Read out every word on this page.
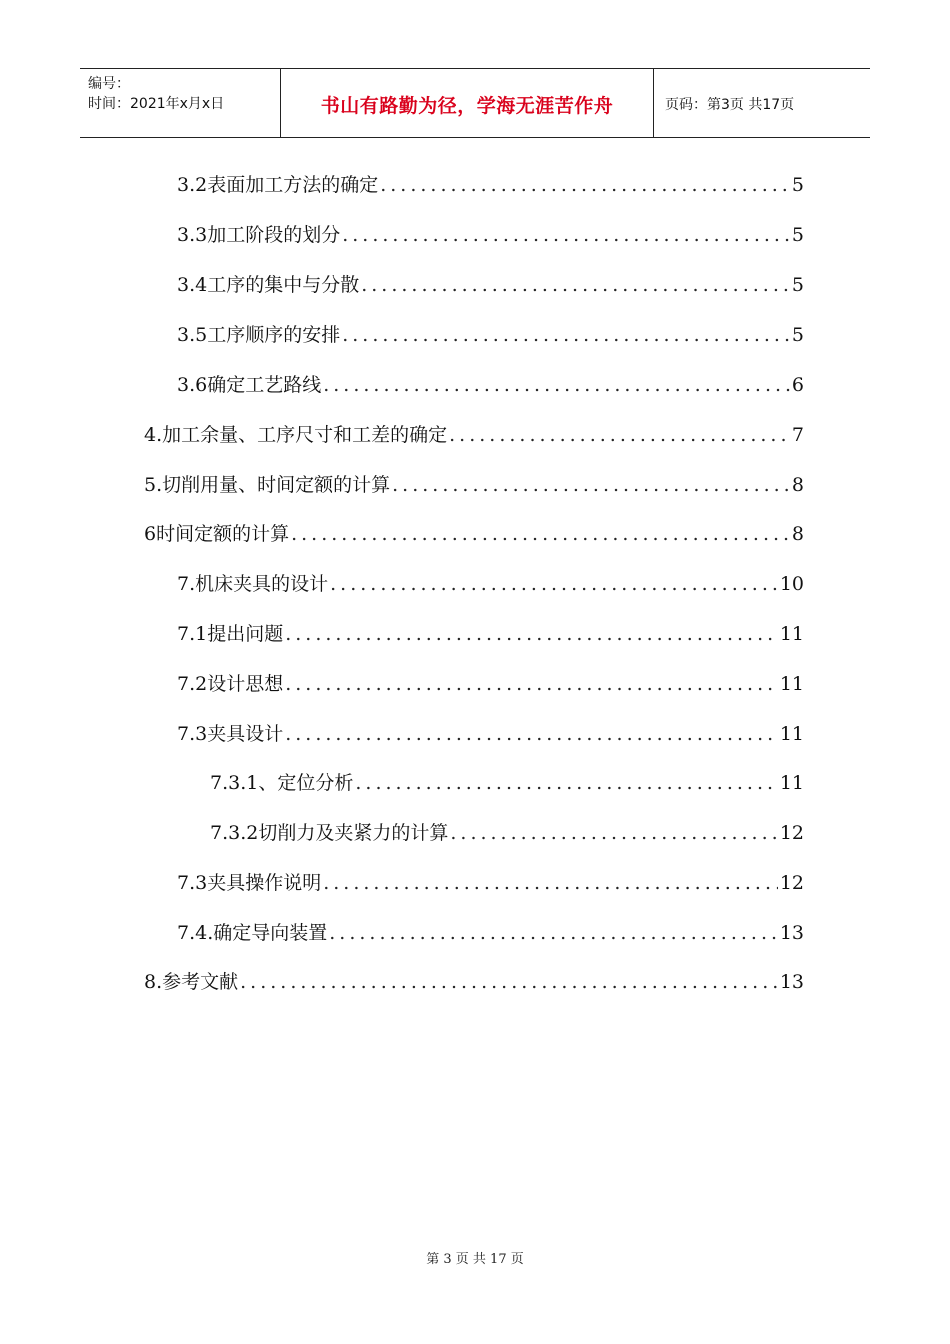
编号：
时间：2021年x月x日	书山有路勤为径，学海无涯苦作舟	页码：第3页 共17页
3.2表面加工方法的确定 .....	5
3.3加工阶段的划分 .....	5
3.4工序的集中与分散 .....	5
3.5工序顺序的安排 .....	5
3.6确定工艺路线 .....	6
4.加工余量、工序尺寸和工差的确定 .....	7
5.切削用量、时间定额的计算 .....	8
6时间定额的计算 .....	8
7.机床夹具的设计 .....	10
7.1提出问题 .....	11
7.2设计思想 .....	11
7.3夹具设计 .....	11
7.3.1、定位分析 .....	11
7.3.2切削力及夹紧力的计算 .....	12
7.3夹具操作说明 .....	12
7.4.确定导向装置 .....	13
8.参考文献 .....	13
第 3 页 共 17 页
